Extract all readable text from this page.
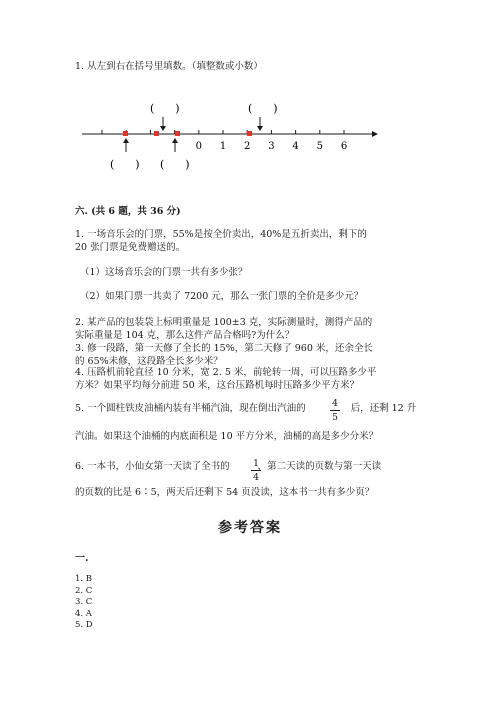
1. 从左到右在括号里填数。（填整数或小数）
0 1 2 3 4 5 6
(      )	(      )
(      ) (      )
六. (共 6 题，共 36 分)
1. 一场音乐会的门票，55%是按全价卖出，40%是五折卖出，剩下的 20 张门票是免费赠送的。
（1）这场音乐会的门票一共有多少张？
（2）如果门票一共卖了 7200 元，那么一张门票的全价是多少元？
2. 某产品的包装袋上标明重量是 100±3 克，实际测量时，测得产品的实际重量是 104 克，那么这件产品合格吗?为什么？
3. 修一段路，第一天修了全长的 15%，第二天修了 960 米，还余全长的 65%未修，这段路全长多少米？
4. 压路机前轮直径 10 分米，宽 2. 5 米，前轮转一周，可以压路多少平方米？如果平均每分前进 50 米，这台压路机每时压路多少平方米？
5. 一个圆柱铁皮油桶内装有半桶汽油，现在倒出汽油的	后，还剩 12 升
4
5
汽油。如果这个油桶的内底面积是 10 平方分米，油桶的高是多少分米？
6. 一本书，小仙女第一天读了全书的	，第二天读的页数与第一天读
1
4
的页数的比是 6∶5，两天后还剩下 54 页没读，这本书一共有多少页？
参考答案
一.
1. B
2. C
3. C
4. A
5. D
